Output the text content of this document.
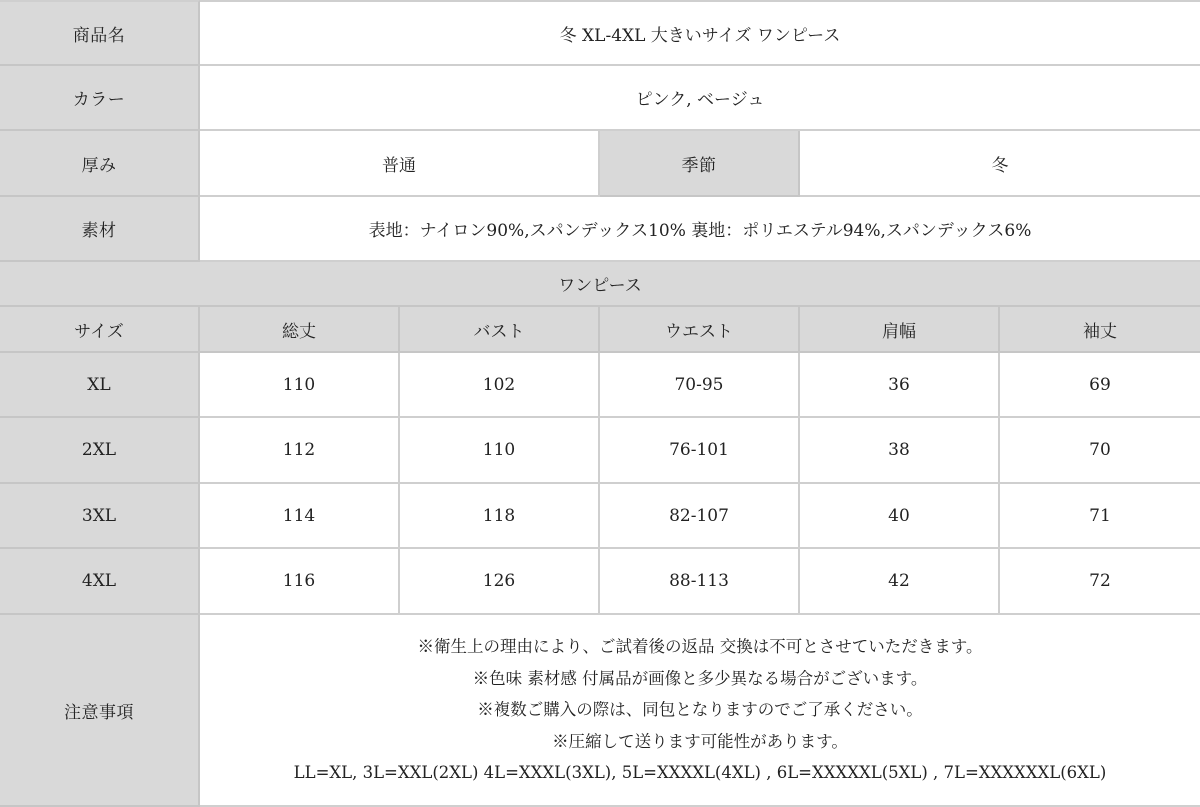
商品名	冬 XL-4XL 大きいサイズ ワンピース
カラー	ピンク, ベージュ
厚み	普通	季節	冬
素材	表地：ナイロン90%,スパンデックス10% 裏地：ポリエステル94%,スパンデックス6%
ワンピース
サイズ	総丈	バスト	ウエスト	肩幅	袖丈
XL	110	102	70-95	36	69
2XL	112	110	76-101	38	70
3XL	114	118	82-107	40	71
4XL	116	126	88-113	42	72
注意事項
※衛生上の理由により、ご試着後の返品 交換は不可とさせていただきます。
※色味 素材感 付属品が画像と多少異なる場合がございます。
※複数ご購入の際は、同包となりますのでご了承ください。
※圧縮して送ります可能性があります。
LL=XL, 3L=XXL(2XL) 4L=XXXL(3XL), 5L=XXXXL(4XL) , 6L=XXXXXL(5XL) , 7L=XXXXXXL(6XL)
